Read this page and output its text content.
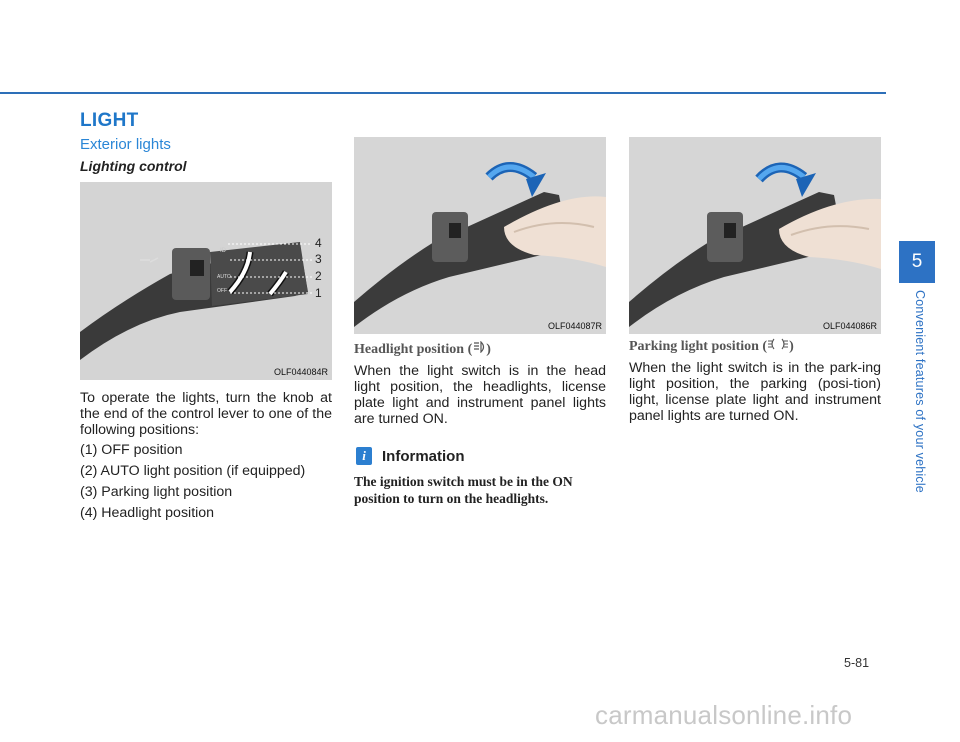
LIGHT
Exterior lights
Lighting control
ID
AUTO
OFF
4
3
2
1
OLF044084R
OLF044087R	OLF044086R

To operate the lights, turn the knob at the end of the control lever to one of the following positions:

(1) OFF position

(2) AUTO light position (if equipped)

(3) Parking light position

(4) Headlight position

Headlight position ( )

When the light switch is in the head light position, the headlights, license plate light and instrument panel lights are turned ON.

i	Information
The ignition switch must be in the ON position to turn on the headlights.
Parking light position ( )

When the light switch is in the park-ing light position, the parking (posi-tion) light, license plate light and instrument panel lights are turned ON.

5
Convenient features of your vehicle
5-81
carmanualsonline.info
